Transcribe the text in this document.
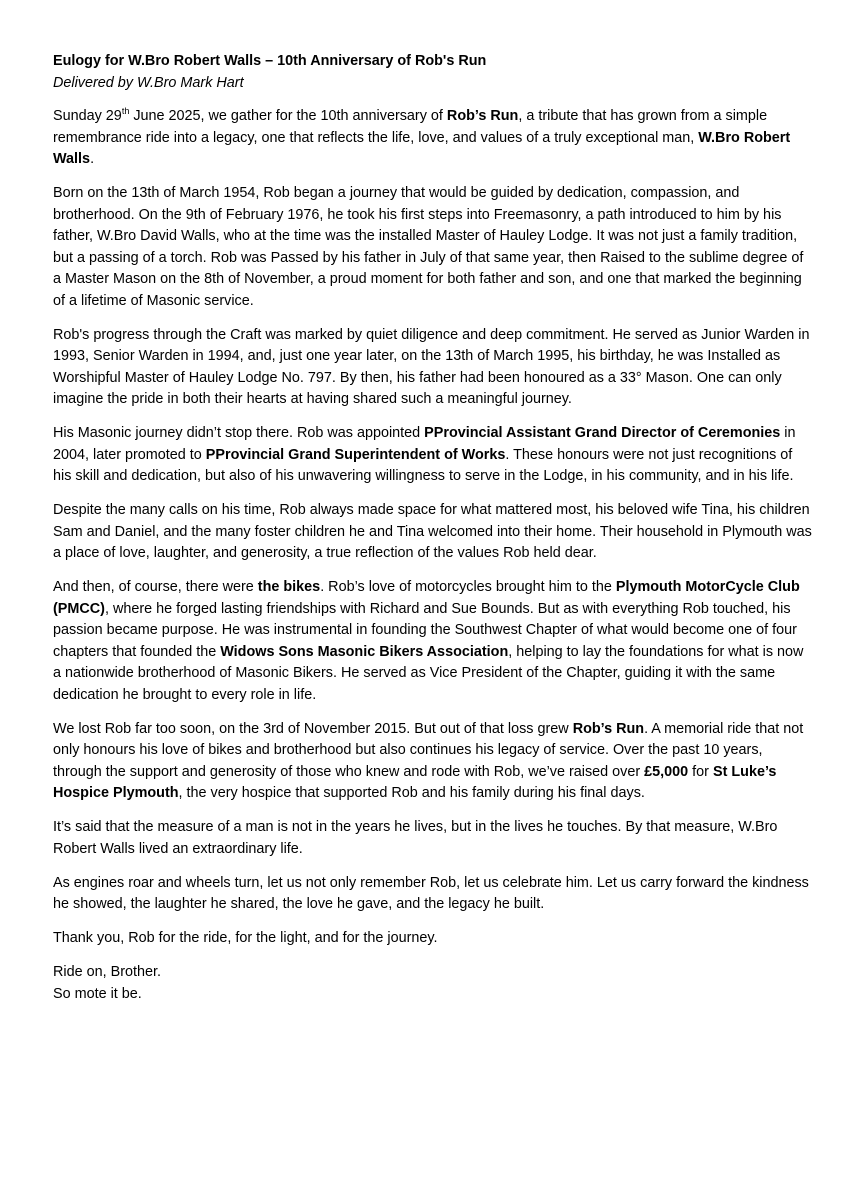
Eulogy for W.Bro Robert Walls – 10th Anniversary of Rob's Run
Delivered by W.Bro Mark Hart

Sunday 29th June 2025, we gather for the 10th anniversary of Rob’s Run, a tribute that has grown from a simple remembrance ride into a legacy, one that reflects the life, love, and values of a truly exceptional man, W.Bro Robert Walls.

Born on the 13th of March 1954, Rob began a journey that would be guided by dedication, compassion, and brotherhood. On the 9th of February 1976, he took his first steps into Freemasonry, a path introduced to him by his father, W.Bro David Walls, who at the time was the installed Master of Hauley Lodge. It was not just a family tradition, but a passing of a torch. Rob was Passed by his father in July of that same year, then Raised to the sublime degree of a Master Mason on the 8th of November, a proud moment for both father and son, and one that marked the beginning of a lifetime of Masonic service.

Rob's progress through the Craft was marked by quiet diligence and deep commitment. He served as Junior Warden in 1993, Senior Warden in 1994, and, just one year later, on the 13th of March 1995, his birthday, he was Installed as Worshipful Master of Hauley Lodge No. 797. By then, his father had been honoured as a 33° Mason. One can only imagine the pride in both their hearts at having shared such a meaningful journey.

His Masonic journey didn’t stop there. Rob was appointed PProvincial Assistant Grand Director of Ceremonies in 2004, later promoted to PProvincial Grand Superintendent of Works. These honours were not just recognitions of his skill and dedication, but also of his unwavering willingness to serve in the Lodge, in his community, and in his life.

Despite the many calls on his time, Rob always made space for what mattered most, his beloved wife Tina, his children Sam and Daniel, and the many foster children he and Tina welcomed into their home. Their household in Plymouth was a place of love, laughter, and generosity, a true reflection of the values Rob held dear.

And then, of course, there were the bikes. Rob’s love of motorcycles brought him to the Plymouth MotorCycle Club (PMCC), where he forged lasting friendships with Richard and Sue Bounds. But as with everything Rob touched, his passion became purpose. He was instrumental in founding the Southwest Chapter of what would become one of four chapters that founded the Widows Sons Masonic Bikers Association, helping to lay the foundations for what is now a nationwide brotherhood of Masonic Bikers. He served as Vice President of the Chapter, guiding it with the same dedication he brought to every role in life.

We lost Rob far too soon, on the 3rd of November 2015. But out of that loss grew Rob’s Run. A memorial ride that not only honours his love of bikes and brotherhood but also continues his legacy of service. Over the past 10 years, through the support and generosity of those who knew and rode with Rob, we’ve raised over £5,000 for St Luke’s Hospice Plymouth, the very hospice that supported Rob and his family during his final days.

It’s said that the measure of a man is not in the years he lives, but in the lives he touches. By that measure, W.Bro Robert Walls lived an extraordinary life.

As engines roar and wheels turn, let us not only remember Rob, let us celebrate him. Let us carry forward the kindness he showed, the laughter he shared, the love he gave, and the legacy he built.

Thank you, Rob for the ride, for the light, and for the journey.

Ride on, Brother.

So mote it be.
